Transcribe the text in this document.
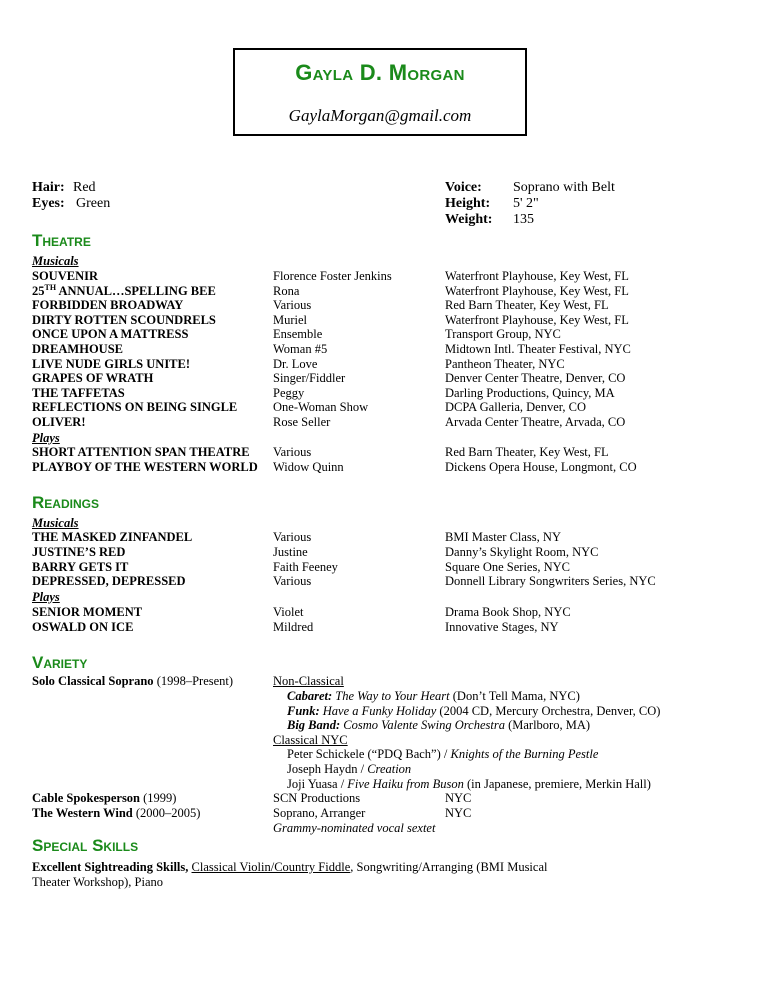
Gayla D. Morgan
GaylaMorgan@gmail.com
Hair: Red
Eyes: Green
Voice: Soprano with Belt
Height: 5' 2"
Weight: 135
Theatre
Musicals
SOUVENIR	Florence Foster Jenkins	Waterfront Playhouse, Key West, FL
25TH ANNUAL…SPELLING BEE	Rona	Waterfront Playhouse, Key West, FL
FORBIDDEN BROADWAY	Various	Red Barn Theater, Key West, FL
DIRTY ROTTEN SCOUNDRELS	Muriel	Waterfront Playhouse, Key West, FL
ONCE UPON A MATTRESS	Ensemble	Transport Group, NYC
DREAMHOUSE	Woman #5	Midtown Intl. Theater Festival, NYC
LIVE NUDE GIRLS UNITE!	Dr. Love	Pantheon Theater, NYC
GRAPES OF WRATH	Singer/Fiddler	Denver Center Theatre, Denver, CO
THE TAFFETAS	Peggy	Darling Productions, Quincy, MA
REFLECTIONS ON BEING SINGLE	One-Woman Show	DCPA Galleria, Denver, CO
OLIVER!	Rose Seller	Arvada Center Theatre, Arvada, CO
Plays
SHORT ATTENTION SPAN THEATRE Various	Red Barn Theater, Key West, FL
PLAYBOY OF THE WESTERN WORLD Widow Quinn	Dickens Opera House, Longmont, CO
Readings
Musicals
THE MASKED ZINFANDEL	Various	BMI Master Class, NY
JUSTINE’S RED	Justine	Danny’s Skylight Room, NYC
BARRY GETS IT	Faith Feeney	Square One Series, NYC
DEPRESSED, DEPRESSED	Various	Donnell Library Songwriters Series, NYC
Plays
SENIOR MOMENT	Violet	Drama Book Shop, NYC
OSWALD ON ICE	Mildred	Innovative Stages, NY
Variety
Solo Classical Soprano (1998–Present)	Non-Classical
Cabaret: The Way to Your Heart (Don’t Tell Mama, NYC)
Funk: Have a Funky Holiday (2004 CD, Mercury Orchestra, Denver, CO)
Big Band: Cosmo Valente Swing Orchestra (Marlboro, MA)
Classical NYC
Peter Schickele (“PDQ Bach”) / Knights of the Burning Pestle
Joseph Haydn / Creation
Joji Yuasa / Five Haiku from Buson (in Japanese, premiere, Merkin Hall)
Cable Spokesperson (1999)	SCN Productions	NYC
The Western Wind (2000–2005)	Soprano, Arranger	NYC
Grammy-nominated vocal sextet
Special Skills
Excellent Sightreading Skills, Classical Violin/Country Fiddle, Songwriting/Arranging (BMI Musical
Theater Workshop), Piano
